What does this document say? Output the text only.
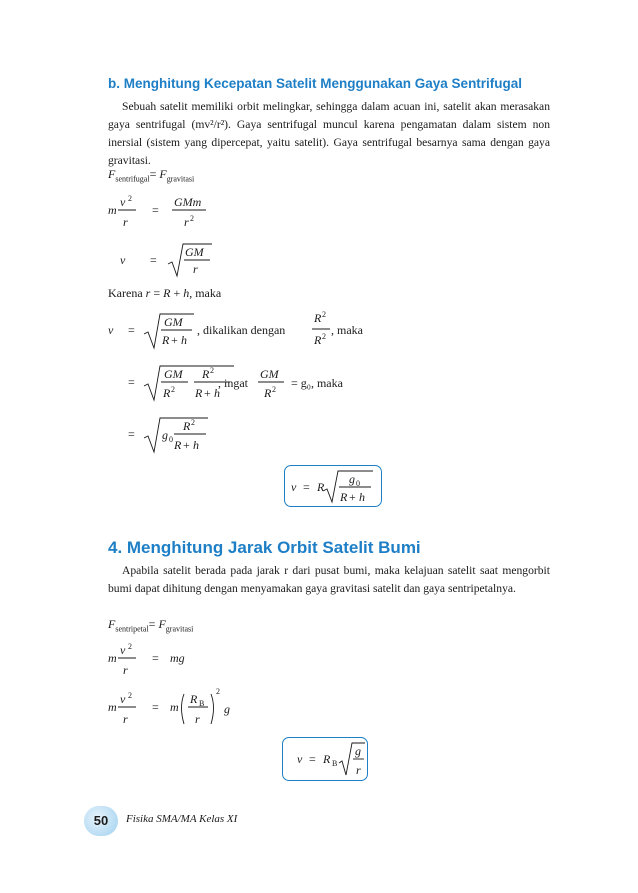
b. Menghitung Kecepatan Satelit Menggunakan Gaya Sentrifugal

Sebuah satelit memiliki orbit melingkar, sehingga dalam acuan ini, satelit akan merasakan gaya sentrifugal (mv²/r²). Gaya sentrifugal muncul karena pengamatan dalam sistem non inersial (sistem yang dipercepat, yaitu satelit). Gaya sentrifugal besarnya sama dengan gaya gravitasi.

$F_{sentrifugal}= F_{gravitasi}$
m
v 2
r
=
GMm
r 2
v =
GM
r
Karena r = R + h, maka
v =
GM
R + h
, dikalikan dengan
R 2
R 2 , maka
=
GM
R 2
R 2
R + h
, ingat
GM
R 2 = g₀, maka
= g 0
R 2
R + h
v = R
g 0
R + h
4. Menghitung Jarak Orbit Satelit Bumi

Apabila satelit berada pada jarak r dari pusat bumi, maka kelajuan satelit saat mengorbit bumi dapat dihitung dengan menyamakan gaya gravitasi satelit dan gaya sentripetalnya.

$F_{sentripetal}= F_{gravitasi}$
m
v 2
r
= mg
m
v 2
r
= m
R B
r
2
g
v = R B
g
r
50	Fisika SMA/MA Kelas XI
